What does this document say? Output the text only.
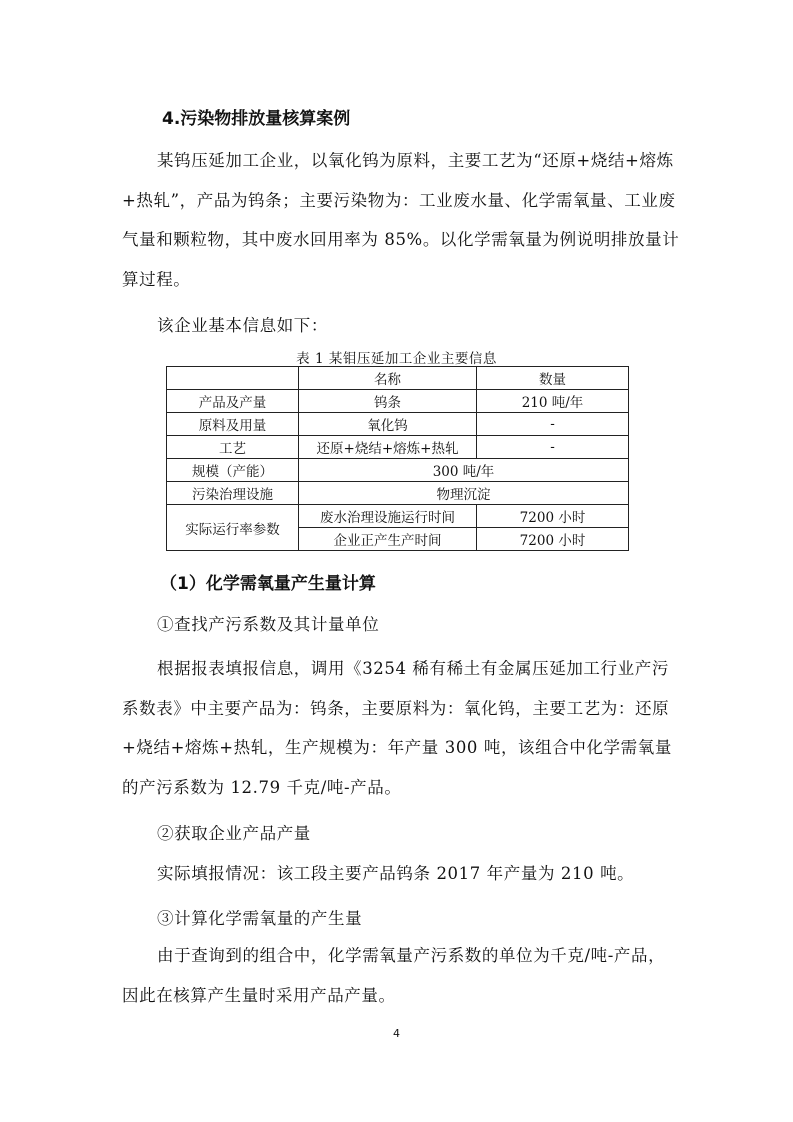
4.污染物排放量核算案例

某钨压延加工企业，以氧化钨为原料，主要工艺为“还原+烧结+熔炼+热轧”，产品为钨条；主要污染物为：工业废水量、化学需氧量、工业废气量和颗粒物，其中废水回用率为 85%。以化学需氧量为例说明排放量计算过程。

该企业基本信息如下：
表 1 某钼压延加工企业主要信息
	名称	数量
产品及产量	钨条	210 吨/年
原料及用量	氧化钨	-
工艺	还原+烧结+熔炼+热轧	-
规模（产能）	300 吨/年	
污染治理设施	物理沉淀	
实际运行率参数	废水治理设施运行时间	7200 小时
	企业正产生产时间	7200 小时
（1）化学需氧量产生量计算
①查找产污系数及其计量单位

根据报表填报信息，调用《3254 稀有稀土有金属压延加工行业产污系数表》中主要产品为：钨条，主要原料为：氧化钨，主要工艺为：还原+烧结+熔炼+热轧，生产规模为：年产量 300 吨，该组合中化学需氧量的产污系数为 12.79 千克/吨-产品。

②获取企业产品产量
实际填报情况：该工段主要产品钨条 2017 年产量为 210 吨。
③计算化学需氧量的产生量

由于查询到的组合中，化学需氧量产污系数的单位为千克/吨-产品，因此在核算产生量时采用产品产量。

4
